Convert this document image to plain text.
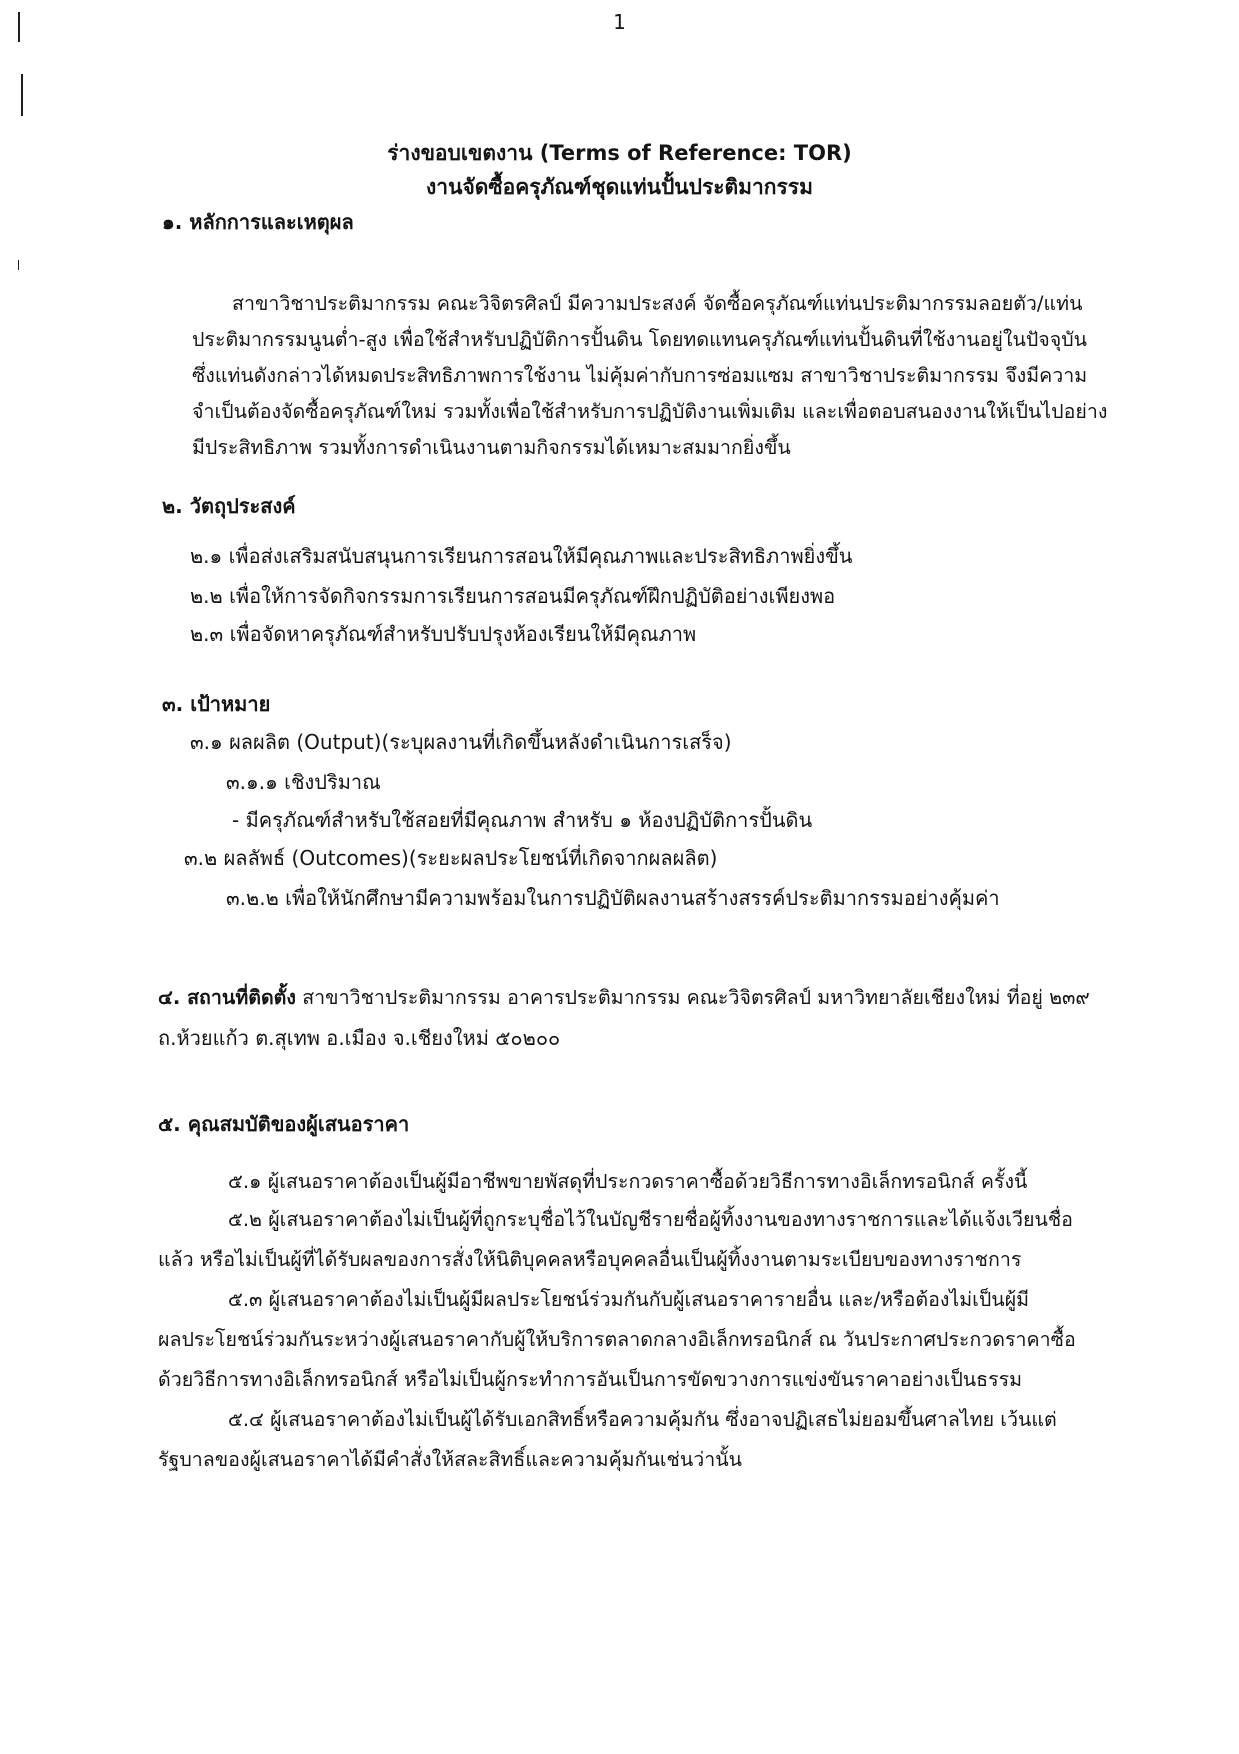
1
ร่างขอบเขตงาน (Terms of Reference: TOR)
งานจัดซื้อครุภัณฑ์ชุดแท่นปั้นประติมากรรม
๑. หลักการและเหตุผล
สาขาวิชาประติมากรรม คณะวิจิตรศิลป์ มีความประสงค์ จัดซื้อครุภัณฑ์แท่นประติมากรรมลอยตัว/แท่น
ประติมากรรมนูนต่ำ-สูง เพื่อใช้สำหรับปฏิบัติการปั้นดิน โดยทดแทนครุภัณฑ์แท่นปั้นดินที่ใช้งานอยู่ในปัจจุบัน
ซึ่งแท่นดังกล่าวได้หมดประสิทธิภาพการใช้งาน ไม่คุ้มค่ากับการซ่อมแซม สาขาวิชาประติมากรรม จึงมีความ
จำเป็นต้องจัดซื้อครุภัณฑ์ใหม่ รวมทั้งเพื่อใช้สำหรับการปฏิบัติงานเพิ่มเติม และเพื่อตอบสนองงานให้เป็นไปอย่าง
มีประสิทธิภาพ รวมทั้งการดำเนินงานตามกิจกรรมได้เหมาะสมมากยิ่งขึ้น
๒. วัตถุประสงค์
๒.๑ เพื่อส่งเสริมสนับสนุนการเรียนการสอนให้มีคุณภาพและประสิทธิภาพยิ่งขึ้น
๒.๒ เพื่อให้การจัดกิจกรรมการเรียนการสอนมีครุภัณฑ์ฝึกปฏิบัติอย่างเพียงพอ
๒.๓ เพื่อจัดหาครุภัณฑ์สำหรับปรับปรุงห้องเรียนให้มีคุณภาพ
๓. เป้าหมาย
๓.๑ ผลผลิต (Output)(ระบุผลงานที่เกิดขึ้นหลังดำเนินการเสร็จ)
๓.๑.๑ เชิงปริมาณ
- มีครุภัณฑ์สำหรับใช้สอยที่มีคุณภาพ สำหรับ ๑ ห้องปฏิบัติการปั้นดิน
๓.๒ ผลลัพธ์ (Outcomes)(ระยะผลประโยชน์ที่เกิดจากผลผลิต)
๓.๒.๒ เพื่อให้นักศึกษามีความพร้อมในการปฏิบัติผลงานสร้างสรรค์ประติมากรรมอย่างคุ้มค่า
๔. สถานที่ติดตั้ง สาขาวิชาประติมากรรม อาคารประติมากรรม คณะวิจิตรศิลป์ มหาวิทยาลัยเชียงใหม่ ที่อยู่ ๒๓๙
ถ.ห้วยแก้ว ต.สุเทพ อ.เมือง จ.เชียงใหม่ ๕๐๒๐๐
๕. คุณสมบัติของผู้เสนอราคา
๕.๑ ผู้เสนอราคาต้องเป็นผู้มีอาชีพขายพัสดุที่ประกวดราคาซื้อด้วยวิธีการทางอิเล็กทรอนิกส์ ครั้งนี้
๕.๒ ผู้เสนอราคาต้องไม่เป็นผู้ที่ถูกระบุชื่อไว้ในบัญชีรายชื่อผู้ทิ้งงานของทางราชการและได้แจ้งเวียนชื่อ
แล้ว หรือไม่เป็นผู้ที่ได้รับผลของการสั่งให้นิติบุคคลหรือบุคคลอื่นเป็นผู้ทิ้งงานตามระเบียบของทางราชการ
๕.๓ ผู้เสนอราคาต้องไม่เป็นผู้มีผลประโยชน์ร่วมกันกับผู้เสนอราคารายอื่น และ/หรือต้องไม่เป็นผู้มี
ผลประโยชน์ร่วมกันระหว่างผู้เสนอราคากับผู้ให้บริการตลาดกลางอิเล็กทรอนิกส์ ณ วันประกาศประกวดราคาซื้อ
ด้วยวิธีการทางอิเล็กทรอนิกส์ หรือไม่เป็นผู้กระทำการอันเป็นการขัดขวางการแข่งขันราคาอย่างเป็นธรรม
๕.๔ ผู้เสนอราคาต้องไม่เป็นผู้ได้รับเอกสิทธิ์หรือความคุ้มกัน ซึ่งอาจปฏิเสธไม่ยอมขึ้นศาลไทย เว้นแต่
รัฐบาลของผู้เสนอราคาได้มีคำสั่งให้สละสิทธิ์และความคุ้มกันเช่นว่านั้น
